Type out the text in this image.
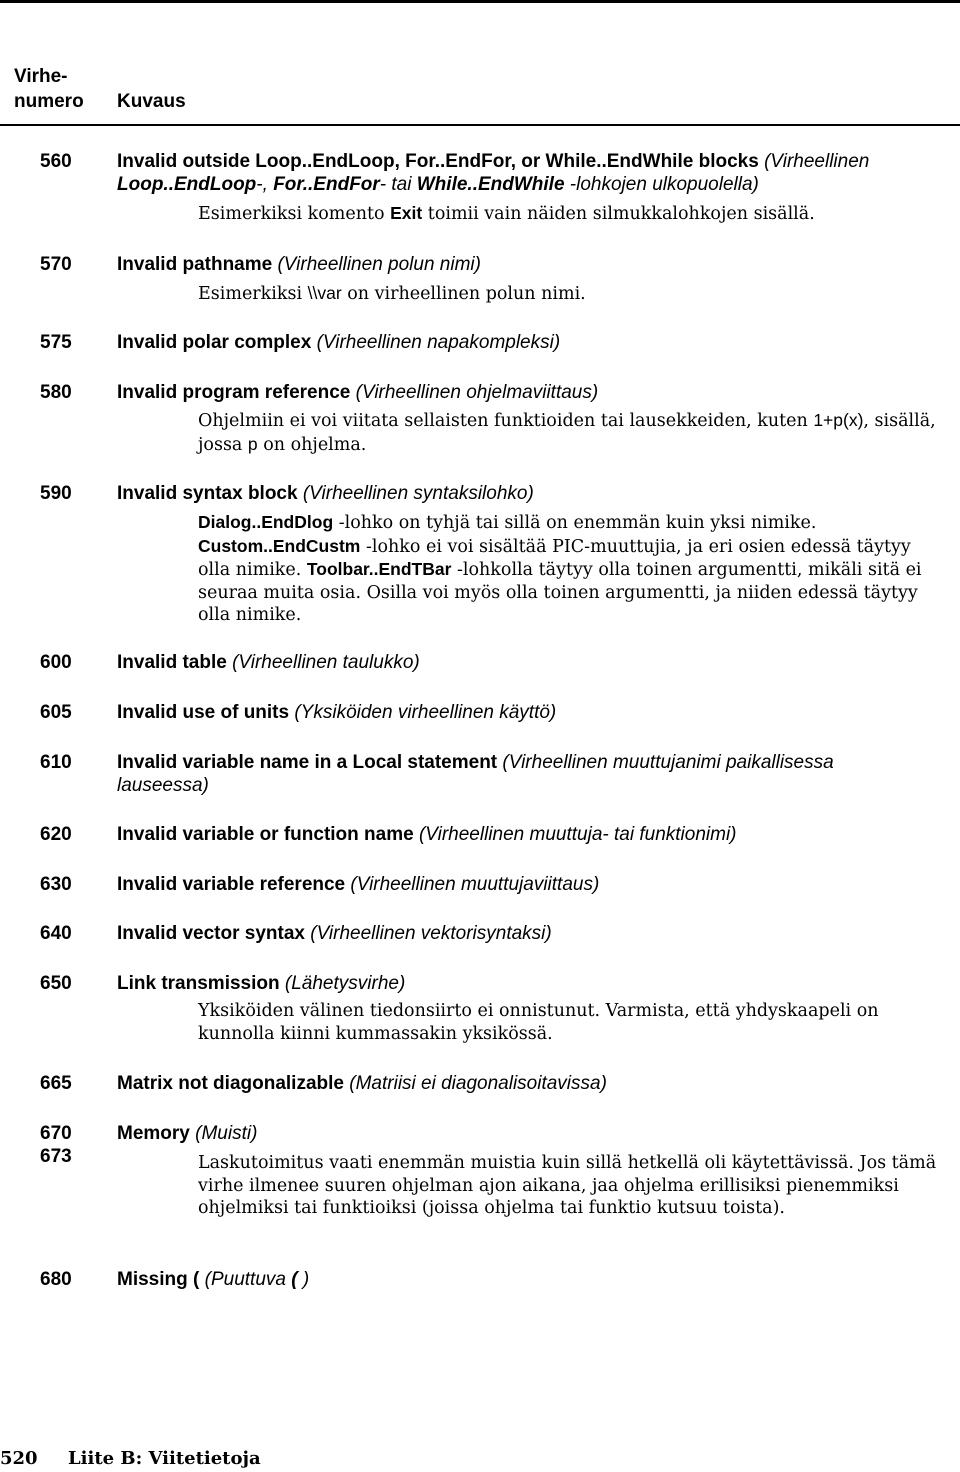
Virhe-
numero	Kuvaus
560 Invalid outside Loop..EndLoop, For..EndFor, or While..EndWhile blocks (Virheellinen Loop..EndLoop-, For..EndFor- tai While..EndWhile -lohkojen ulkopuolella)
Esimerkiksi komento Exit toimii vain näiden silmukkalohkojen sisällä.
570 Invalid pathname (Virheellinen polun nimi)
Esimerkiksi \\var on virheellinen polun nimi.
575 Invalid polar complex (Virheellinen napakompleksi)
580 Invalid program reference (Virheellinen ohjelmaviittaus)
Ohjelmiin ei voi viitata sellaisten funktioiden tai lausekkeiden, kuten 1+p(x), sisällä, jossa p on ohjelma.
590 Invalid syntax block (Virheellinen syntaksilohko)
Dialog..EndDlog -lohko on tyhjä tai sillä on enemmän kuin yksi nimike. Custom..EndCustm -lohko ei voi sisältää PIC-muuttujia, ja eri osien edessä täytyy olla nimike. Toolbar..EndTBar -lohkolla täytyy olla toinen argumentti, mikäli sitä ei seuraa muita osia. Osilla voi myös olla toinen argumentti, ja niiden edessä täytyy olla nimike.
600 Invalid table (Virheellinen taulukko)
605 Invalid use of units (Yksiköiden virheellinen käyttö)
610 Invalid variable name in a Local statement (Virheellinen muuttujanimi paikallisessa lauseessa)
620 Invalid variable or function name (Virheellinen muuttuja- tai funktionimi)
630 Invalid variable reference (Virheellinen muuttujaviittaus)
640 Invalid vector syntax (Virheellinen vektorisyntaksi)
650 Link transmission (Lähetysvirhe)
Yksiköiden välinen tiedonsiirto ei onnistunut. Varmista, että yhdyskaapeli on kunnolla kiinni kummassakin yksikössä.
665 Matrix not diagonalizable (Matriisi ei diagonalisoitavissa)
670
673
Memory (Muisti)
Laskutoimitus vaati enemmän muistia kuin sillä hetkellä oli käytettävissä. Jos tämä virhe ilmenee suuren ohjelman ajon aikana, jaa ohjelma erillisiksi pienemmiksi ohjelmiksi tai funktioiksi (joissa ohjelma tai funktio kutsuu toista).
680 Missing ( (Puuttuva ( )
520 Liite B: Viitetietoja
